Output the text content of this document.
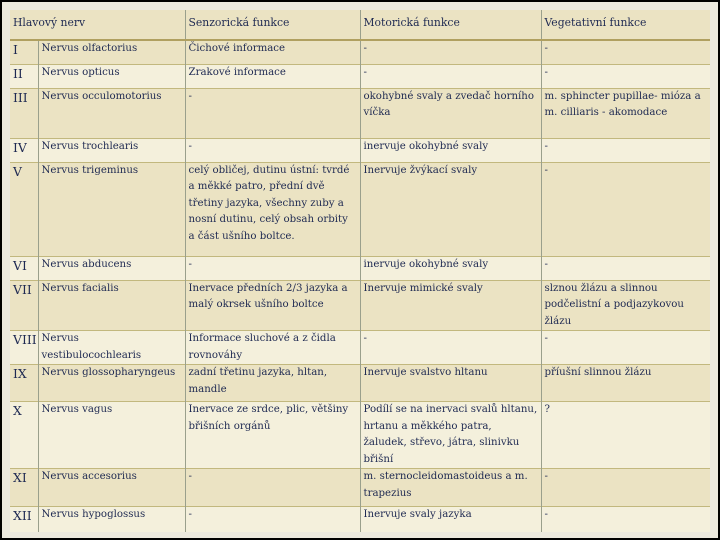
Hlavový nerv		Senzorická funkce	Motorická funkce	Vegetativní funkce
I	Nervus olfactorius	Čichové informace	-	-
II	Nervus opticus	Zrakové informace	-	-
III	Nervus occulomotorius	-	okohybné svaly a zvedač horního víčka	m. sphincter pupillae- mióza a m. cilliaris - akomodace
IV	Nervus trochlearis	-	inervuje okohybné svaly	-
V	Nervus trigeminus	celý obličej, dutinu ústní: tvrdé a měkké patro, přední dvě třetiny jazyka, všechny zuby a nosní dutinu, celý obsah orbity a část ušního boltce.	Inervuje žvýkací svaly	-
VI	Nervus abducens	-	inervuje okohybné svaly	-
VII	Nervus facialis	Inervace předních 2/3 jazyka a malý okrsek ušního boltce	Inervuje mimické svaly	slznou žlázu a slinnou podčelistní a podjazykovou žlázu
VIII	Nervus vestibulocochlearis	Informace sluchové a z čidla rovnováhy	-	-
IX	Nervus glossopharyngeus	zadní třetinu jazyka, hltan, mandle	Inervuje svalstvo hltanu	příušní slinnou žlázu
X	Nervus vagus	Inervace ze srdce, plic, většiny břišních orgánů	Podílí se na inervaci svalů hltanu, hrtanu a měkkého patra, žaludek, střevo, játra, slinivku břišní	?
XI	Nervus accesorius	-	m. sternocleidomastoideus a m. trapezius	-
XII	Nervus hypoglossus	-	Inervuje svaly jazyka	-
